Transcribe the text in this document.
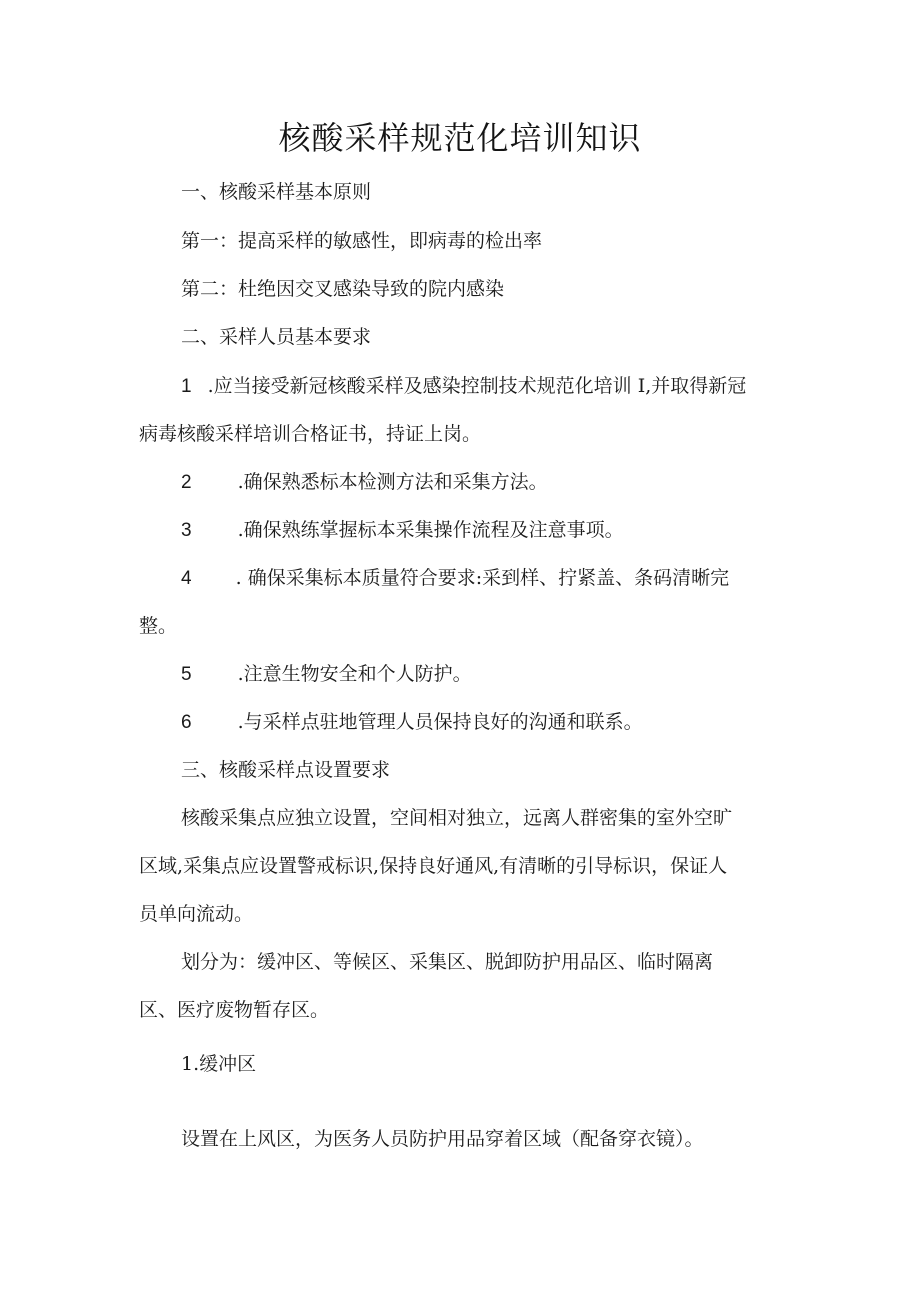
核酸采样规范化培训知识
一、核酸采样基本原则
第一：提高采样的敏感性，即病毒的检出率
第二：杜绝因交叉感染导致的院内感染
二、采样人员基本要求
1 .应当接受新冠核酸采样及感染控制技术规范化培训 I,并取得新冠
病毒核酸采样培训合格证书，持证上岗。
2 .确保熟悉标本检测方法和采集方法。
3 .确保熟练掌握标本采集操作流程及注意事项。
4 . 确保采集标本质量符合要求:采到样、拧紧盖、条码清晰完
整。
5 .注意生物安全和个人防护。
6 .与采样点驻地管理人员保持良好的沟通和联系。
三、核酸采样点设置要求
核酸采集点应独立设置，空间相对独立，远离人群密集的室外空旷
区域,采集点应设置警戒标识,保持良好通风,有清晰的引导标识，保证人
员单向流动。
划分为：缓冲区、等候区、采集区、脱卸防护用品区、临时隔离
区、医疗废物暂存区。
1.缓冲区
设置在上风区，为医务人员防护用品穿着区域（配备穿衣镜）。
